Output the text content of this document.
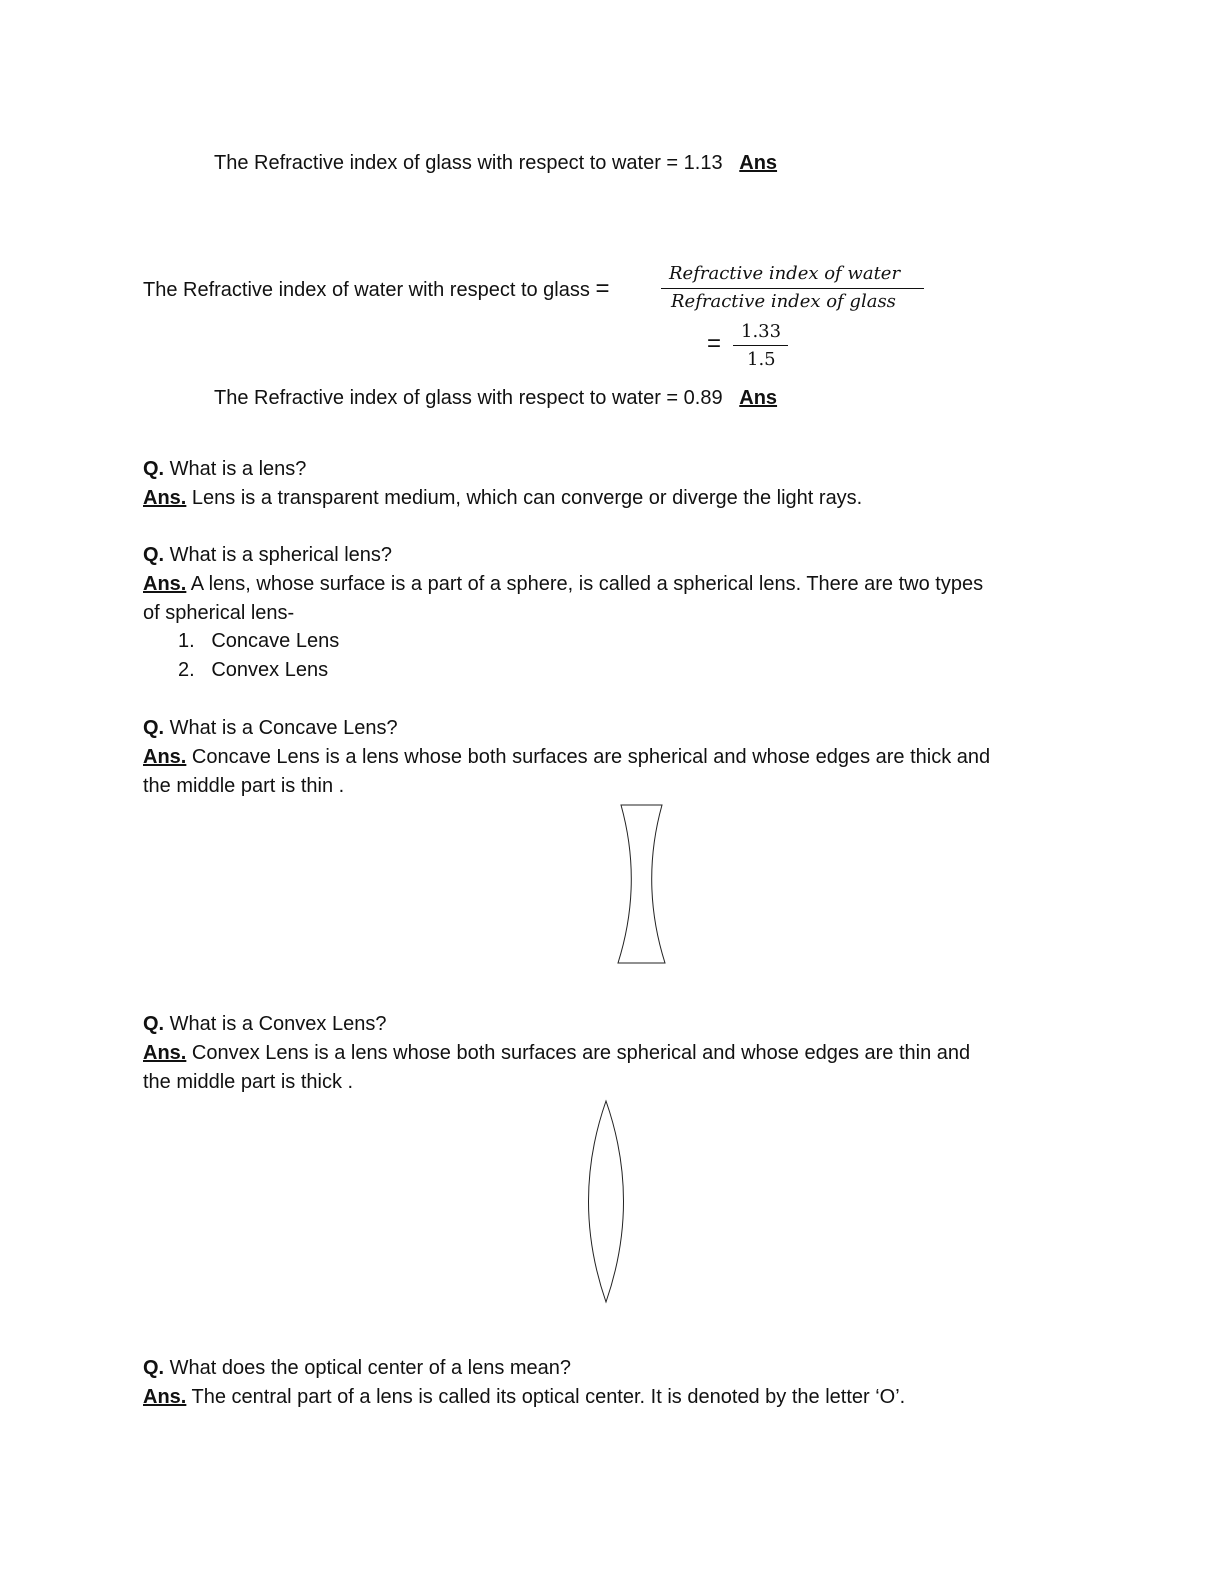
The Refractive index of glass with respect to water = 1.13 Ans
The Refractive index of water with respect to glass =
Refractive index of water
Refractive index of glass
= 1.33
1.5
The Refractive index of glass with respect to water = 0.89 Ans
Q. What is a lens?
Ans. Lens is a transparent medium, which can converge or diverge the light rays.
Q. What is a spherical lens?
Ans. A lens, whose surface is a part of a sphere, is called a spherical lens. There are two types
of spherical lens-
1. Concave Lens
2. Convex Lens
Q. What is a Concave Lens?
Ans. Concave Lens is a lens whose both surfaces are spherical and whose edges are thick and
the middle part is thin .
Q. What is a Convex Lens?
Ans. Convex Lens is a lens whose both surfaces are spherical and whose edges are thin and
the middle part is thick .
Q. What does the optical center of a lens mean?
Ans. The central part of a lens is called its optical center. It is denoted by the letter ‘O’.
